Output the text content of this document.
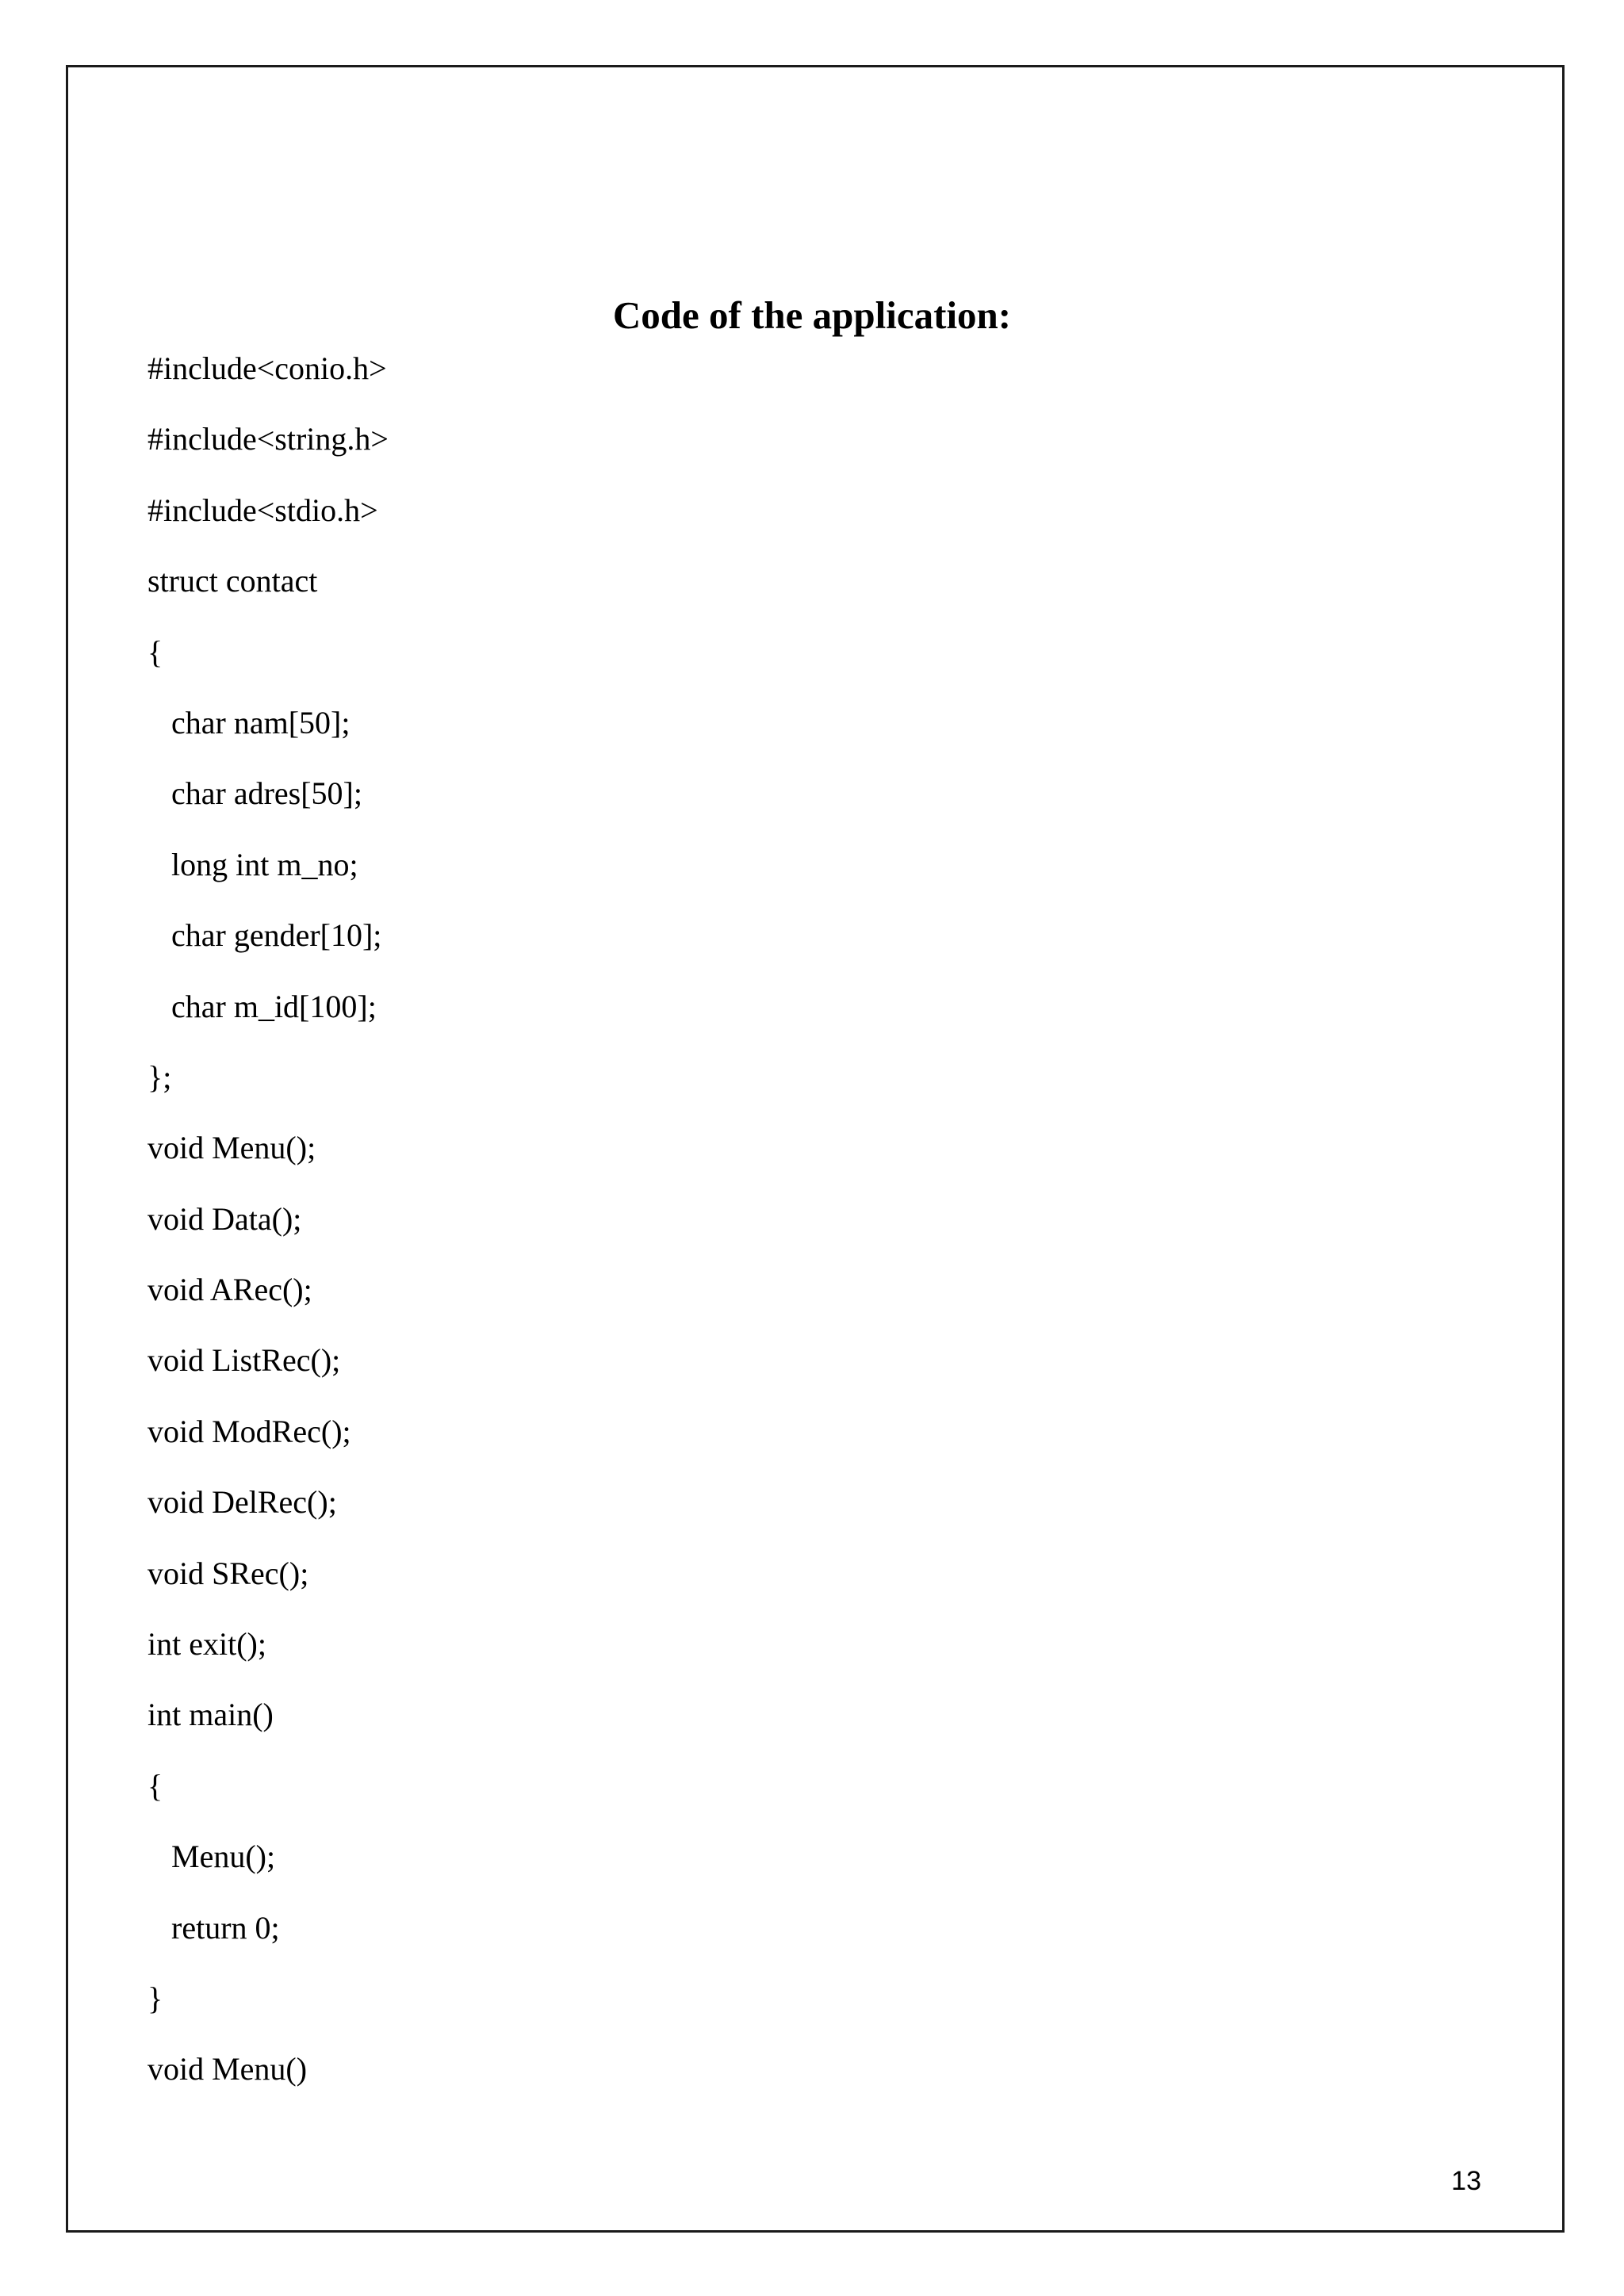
Code of the application:
#include<conio.h>
#include<string.h>
#include<stdio.h>
struct contact
{
char nam[50];
char adres[50];
long int m_no;
char gender[10];
char m_id[100];
};
void Menu();
void Data();
void ARec();
void ListRec();
void ModRec();
void DelRec();
void SRec();
int exit();
int main()
{
Menu();
return 0;
}
void Menu()
13
